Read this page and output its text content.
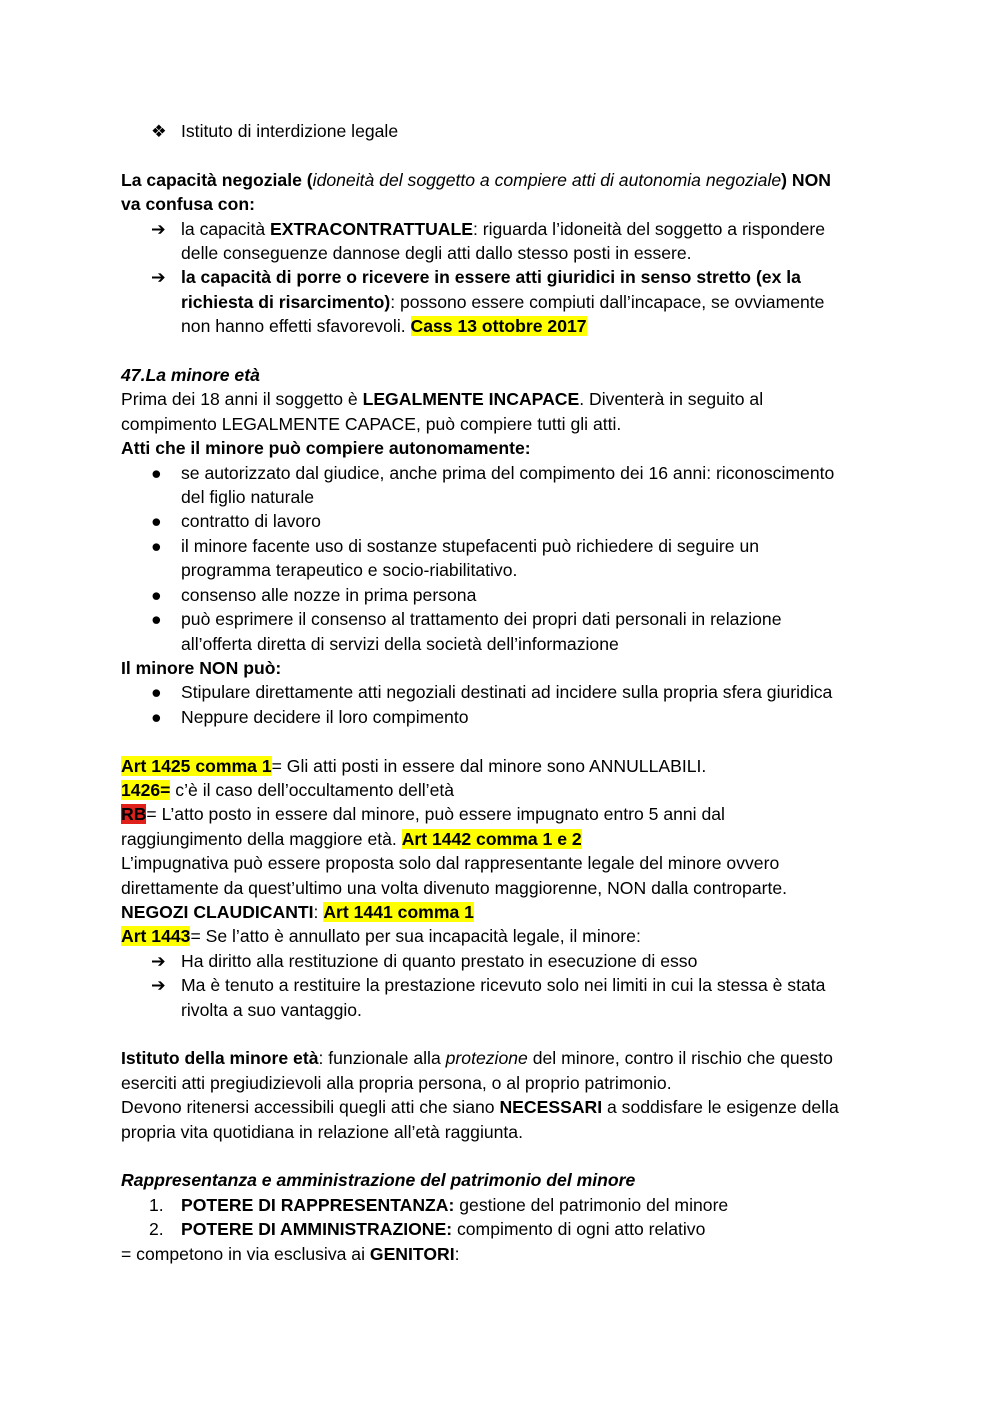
❖ Istituto di interdizione legale

La capacità negoziale (idoneità del soggetto a compiere atti di autonomia negoziale) NON

va confusa con:

➔ la capacità EXTRACONTRATTUALE: riguarda l’idoneità del soggetto a rispondere
delle conseguenze dannose degli atti dallo stesso posti in essere.

➔ la capacità di porre o ricevere in essere atti giuridici in senso stretto (ex la
richiesta di risarcimento): possono essere compiuti dall’incapace, se ovviamente
non hanno effetti sfavorevoli. Cass 13 ottobre 2017

47.La minore età

Prima dei 18 anni il soggetto è LEGALMENTE INCAPACE. Diventerà in seguito al
compimento LEGALMENTE CAPACE, può compiere tutti gli atti.

Atti che il minore può compiere autonomamente:

● se autorizzato dal giudice, anche prima del compimento dei 16 anni: riconoscimento
del figlio naturale

● contratto di lavoro

● il minore facente uso di sostanze stupefacenti può richiedere di seguire un
programma terapeutico e socio-riabilitativo.

● consenso alle nozze in prima persona

● può esprimere il consenso al trattamento dei propri dati personali in relazione
all’offerta diretta di servizi della società dell’informazione

Il minore NON può:

● Stipulare direttamente atti negoziali destinati ad incidere sulla propria sfera giuridica

● Neppure decidere il loro compimento

Art 1425 comma 1= Gli atti posti in essere dal minore sono ANNULLABILI.

1426= c’è il caso dell’occultamento dell’età

RB= L’atto posto in essere dal minore, può essere impugnato entro 5 anni dal
raggiungimento della maggiore età. Art 1442 comma 1 e 2

L’impugnativa può essere proposta solo dal rappresentante legale del minore ovvero
direttamente da quest’ultimo una volta divenuto maggiorenne, NON dalla controparte.

NEGOZI CLAUDICANTI: Art 1441 comma 1

Art 1443= Se l’atto è annullato per sua incapacità legale, il minore:

➔ Ha diritto alla restituzione di quanto prestato in esecuzione di esso

➔ Ma è tenuto a restituire la prestazione ricevuto solo nei limiti in cui la stessa è stata
rivolta a suo vantaggio.

Istituto della minore età: funzionale alla protezione del minore, contro il rischio che questo
eserciti atti pregiudizievoli alla propria persona, o al proprio patrimonio.

Devono ritenersi accessibili quegli atti che siano NECESSARI a soddisfare le esigenze della
propria vita quotidiana in relazione all’età raggiunta.

Rappresentanza e amministrazione del patrimonio del minore

1. POTERE DI RAPPRESENTANZA: gestione del patrimonio del minore

2. POTERE DI AMMINISTRAZIONE: compimento di ogni atto relativo

= competono in via esclusiva ai GENITORI:
